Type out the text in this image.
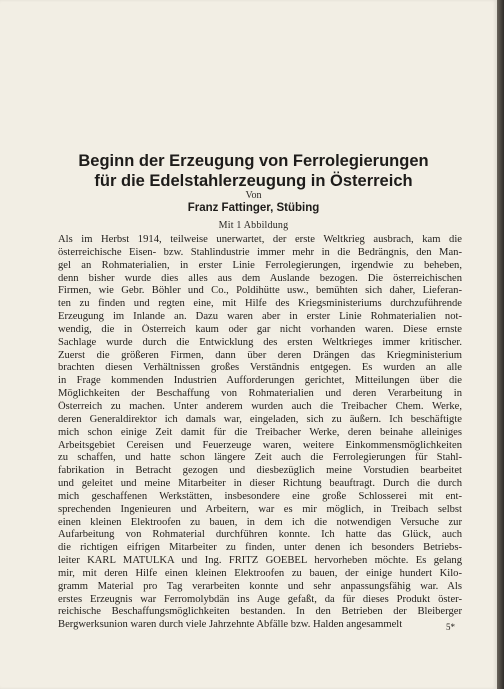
Beginn der Erzeugung von Ferrolegierungen
für die Edelstahlerzeugung in Österreich
Von
Franz Fattinger, Stübing
Mit 1 Abbildung
Als im Herbst 1914, teilweise unerwartet, der erste Weltkrieg ausbrach, kam die
österreichische Eisen- bzw. Stahlindustrie immer mehr in die Bedrängnis, den Man-
gel an Rohmaterialien, in erster Linie Ferrolegierungen, irgendwie zu beheben,
denn bisher wurde dies alles aus dem Auslande bezogen. Die österreichischen
Firmen, wie Gebr. Böhler und Co., Poldihütte usw., bemühten sich daher, Lieferan-
ten zu finden und regten eine, mit Hilfe des Kriegsministeriums durchzuführende
Erzeugung im Inlande an. Dazu waren aber in erster Linie Rohmaterialien not-
wendig, die in Österreich kaum oder gar nicht vorhanden waren. Diese ernste
Sachlage wurde durch die Entwicklung des ersten Weltkrieges immer kritischer.
Zuerst die größeren Firmen, dann über deren Drängen das Kriegministerium
brachten diesen Verhältnissen großes Verständnis entgegen. Es wurden an alle
in Frage kommenden Industrien Aufforderungen gerichtet, Mitteilungen über die
Möglichkeiten der Beschaffung von Rohmaterialien und deren Verarbeitung in
Österreich zu machen. Unter anderem wurden auch die Treibacher Chem. Werke,
deren Generaldirektor ich damals war, eingeladen, sich zu äußern. Ich beschäftigte
mich schon einige Zeit damit für die Treibacher Werke, deren beinahe alleiniges
Arbeitsgebiet Cereisen und Feuerzeuge waren, weitere Einkommensmöglichkeiten
zu schaffen, und hatte schon längere Zeit auch die Ferrolegierungen für Stahl-
fabrikation in Betracht gezogen und diesbezüglich meine Vorstudien bearbeitet
und geleitet und meine Mitarbeiter in dieser Richtung beauftragt. Durch die durch
mich geschaffenen Werkstätten, insbesondere eine große Schlosserei mit ent-
sprechenden Ingenieuren und Arbeitern, war es mir möglich, in Treibach selbst
einen kleinen Elektroofen zu bauen, in dem ich die notwendigen Versuche zur
Aufarbeitung von Rohmaterial durchführen konnte. Ich hatte das Glück, auch
die richtigen eifrigen Mitarbeiter zu finden, unter denen ich besonders Betriebs-
leiter KARL MATULKA und Ing. FRITZ GOEBEL hervorheben möchte. Es gelang
mir, mit deren Hilfe einen kleinen Elektroofen zu bauen, der einige hundert Kilo-
gramm Material pro Tag verarbeiten konnte und sehr anpassungsfähig war. Als
erstes Erzeugnis war Ferromolybdän ins Auge gefaßt, da für dieses Produkt öster-
reichische Beschaffungsmöglichkeiten bestanden. In den Betrieben der Bleiberger
Bergwerksunion waren durch viele Jahrzehnte Abfälle bzw. Halden angesammelt	5*
